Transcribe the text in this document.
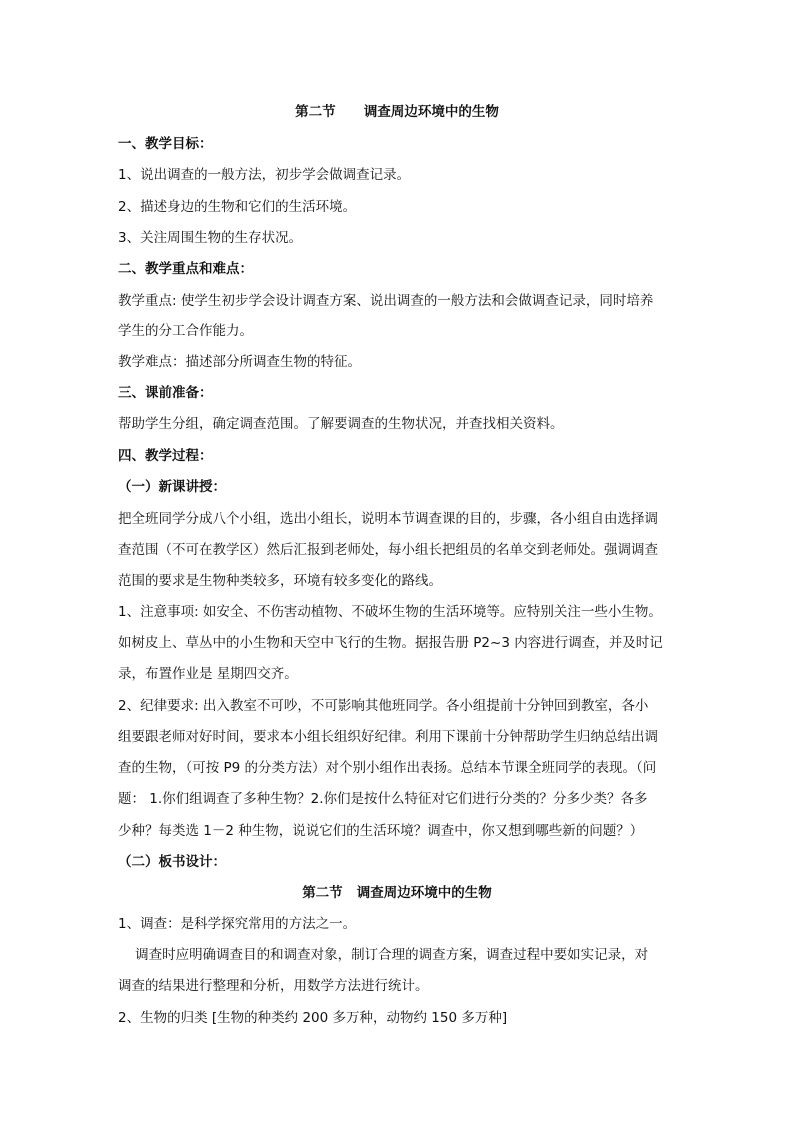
第二节      调查周边环境中的生物
一、教学目标：
1、说出调查的一般方法，初步学会做调查记录。
2、描述身边的生物和它们的生活环境。
3、关注周围生物的生存状况。
二、教学重点和难点：
教学重点: 使学生初步学会设计调查方案、说出调查的一般方法和会做调查记录，同时培养
学生的分工合作能力。
教学难点：描述部分所调查生物的特征。
三、课前准备：
帮助学生分组，确定调查范围。了解要调查的生物状况，并查找相关资料。
四、教学过程：
（一）新课讲授：
把全班同学分成八个小组，选出小组长，说明本节调查课的目的，步骤，各小组自由选择调
查范围（不可在教学区）然后汇报到老师处，每小组长把组员的名单交到老师处。强调调查
范围的要求是生物种类较多，环境有较多变化的路线。
1、注意事项: 如安全、不伤害动植物、不破坏生物的生活环境等。应特别关注一些小生物。
如树皮上、草丛中的小生物和天空中飞行的生物。据报告册 P2~3 内容进行调查，并及时记
录，布置作业是 星期四交齐。
2、纪律要求: 出入教室不可吵，不可影响其他班同学。各小组提前十分钟回到教室，各小
组要跟老师对好时间，要求本小组长组织好纪律。利用下课前十分钟帮助学生归纳总结出调
查的生物，（可按 P9 的分类方法）对个别小组作出表扬。总结本节课全班同学的表现。（问
题： 1.你们组调查了多种生物？2.你们是按什么特征对它们进行分类的？分多少类？各多
少种？每类选 1－2 种生物，说说它们的生活环境？调查中，你又想到哪些新的问题？）
（二）板书设计：
第二节   调查周边环境中的生物
1、调查：是科学探究常用的方法之一。
调查时应明确调查目的和调查对象，制订合理的调查方案，调查过程中要如实记录，对
调查的结果进行整理和分析，用数学方法进行统计。
2、生物的归类 [生物的种类约 200 多万种，动物约 150 多万种]
